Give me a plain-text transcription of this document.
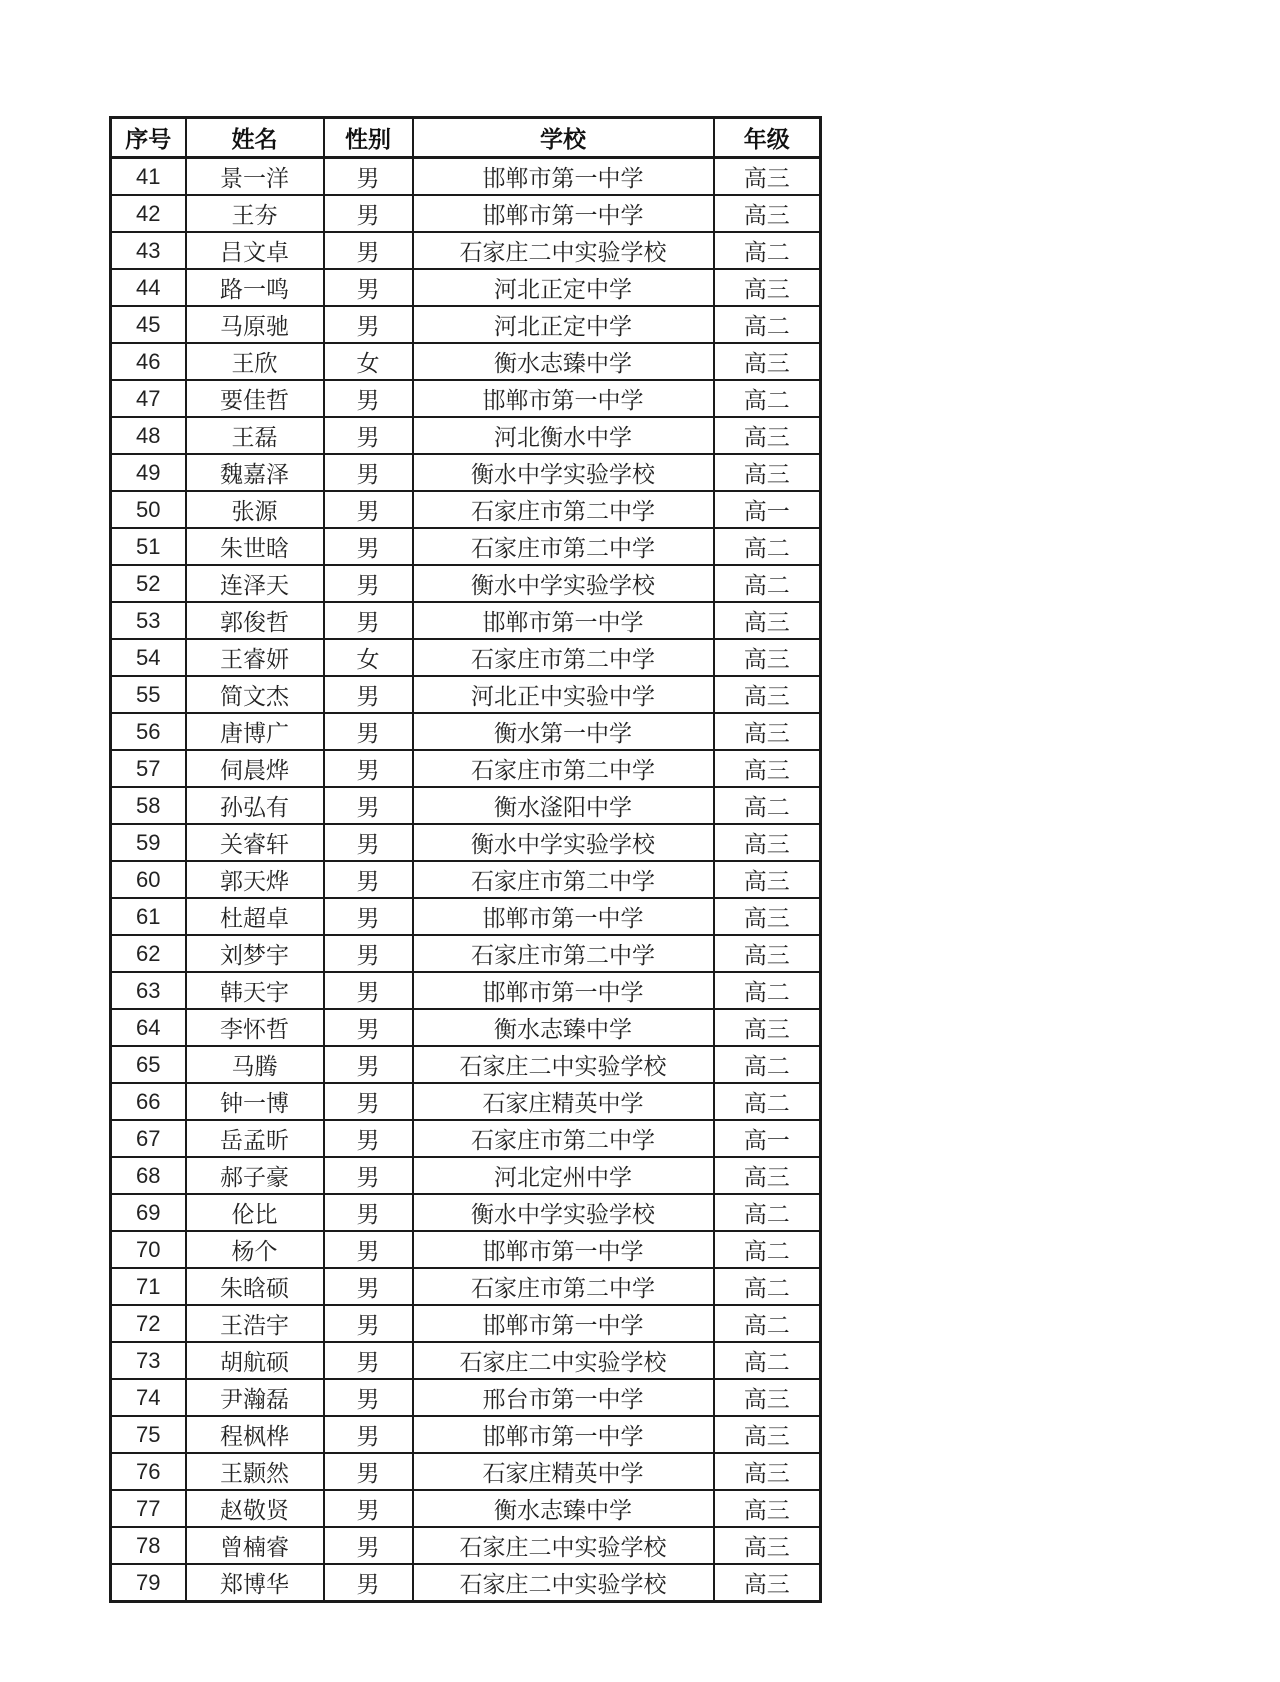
序号	姓名	性别	学校	年级
41	景一洋	男	邯郸市第一中学	高三
42	王夯	男	邯郸市第一中学	高三
43	吕文卓	男	石家庄二中实验学校	高二
44	路一鸣	男	河北正定中学	高三
45	马原驰	男	河北正定中学	高二
46	王欣	女	衡水志臻中学	高三
47	要佳哲	男	邯郸市第一中学	高二
48	王磊	男	河北衡水中学	高三
49	魏嘉泽	男	衡水中学实验学校	高三
50	张源	男	石家庄市第二中学	高一
51	朱世晗	男	石家庄市第二中学	高二
52	连泽天	男	衡水中学实验学校	高二
53	郭俊哲	男	邯郸市第一中学	高三
54	王睿妍	女	石家庄市第二中学	高三
55	简文杰	男	河北正中实验中学	高三
56	唐博广	男	衡水第一中学	高三
57	伺晨烨	男	石家庄市第二中学	高三
58	孙弘有	男	衡水滏阳中学	高二
59	关睿轩	男	衡水中学实验学校	高三
60	郭天烨	男	石家庄市第二中学	高三
61	杜超卓	男	邯郸市第一中学	高三
62	刘梦宇	男	石家庄市第二中学	高三
63	韩天宇	男	邯郸市第一中学	高二
64	李怀哲	男	衡水志臻中学	高三
65	马腾	男	石家庄二中实验学校	高二
66	钟一博	男	石家庄精英中学	高二
67	岳孟昕	男	石家庄市第二中学	高一
68	郝子豪	男	河北定州中学	高三
69	伦比	男	衡水中学实验学校	高二
70	杨个	男	邯郸市第一中学	高二
71	朱晗硕	男	石家庄市第二中学	高二
72	王浩宇	男	邯郸市第一中学	高二
73	胡航硕	男	石家庄二中实验学校	高二
74	尹瀚磊	男	邢台市第一中学	高三
75	程枫桦	男	邯郸市第一中学	高三
76	王颢然	男	石家庄精英中学	高三
77	赵敬贤	男	衡水志臻中学	高三
78	曾楠睿	男	石家庄二中实验学校	高三
79	郑博华	男	石家庄二中实验学校	高三
